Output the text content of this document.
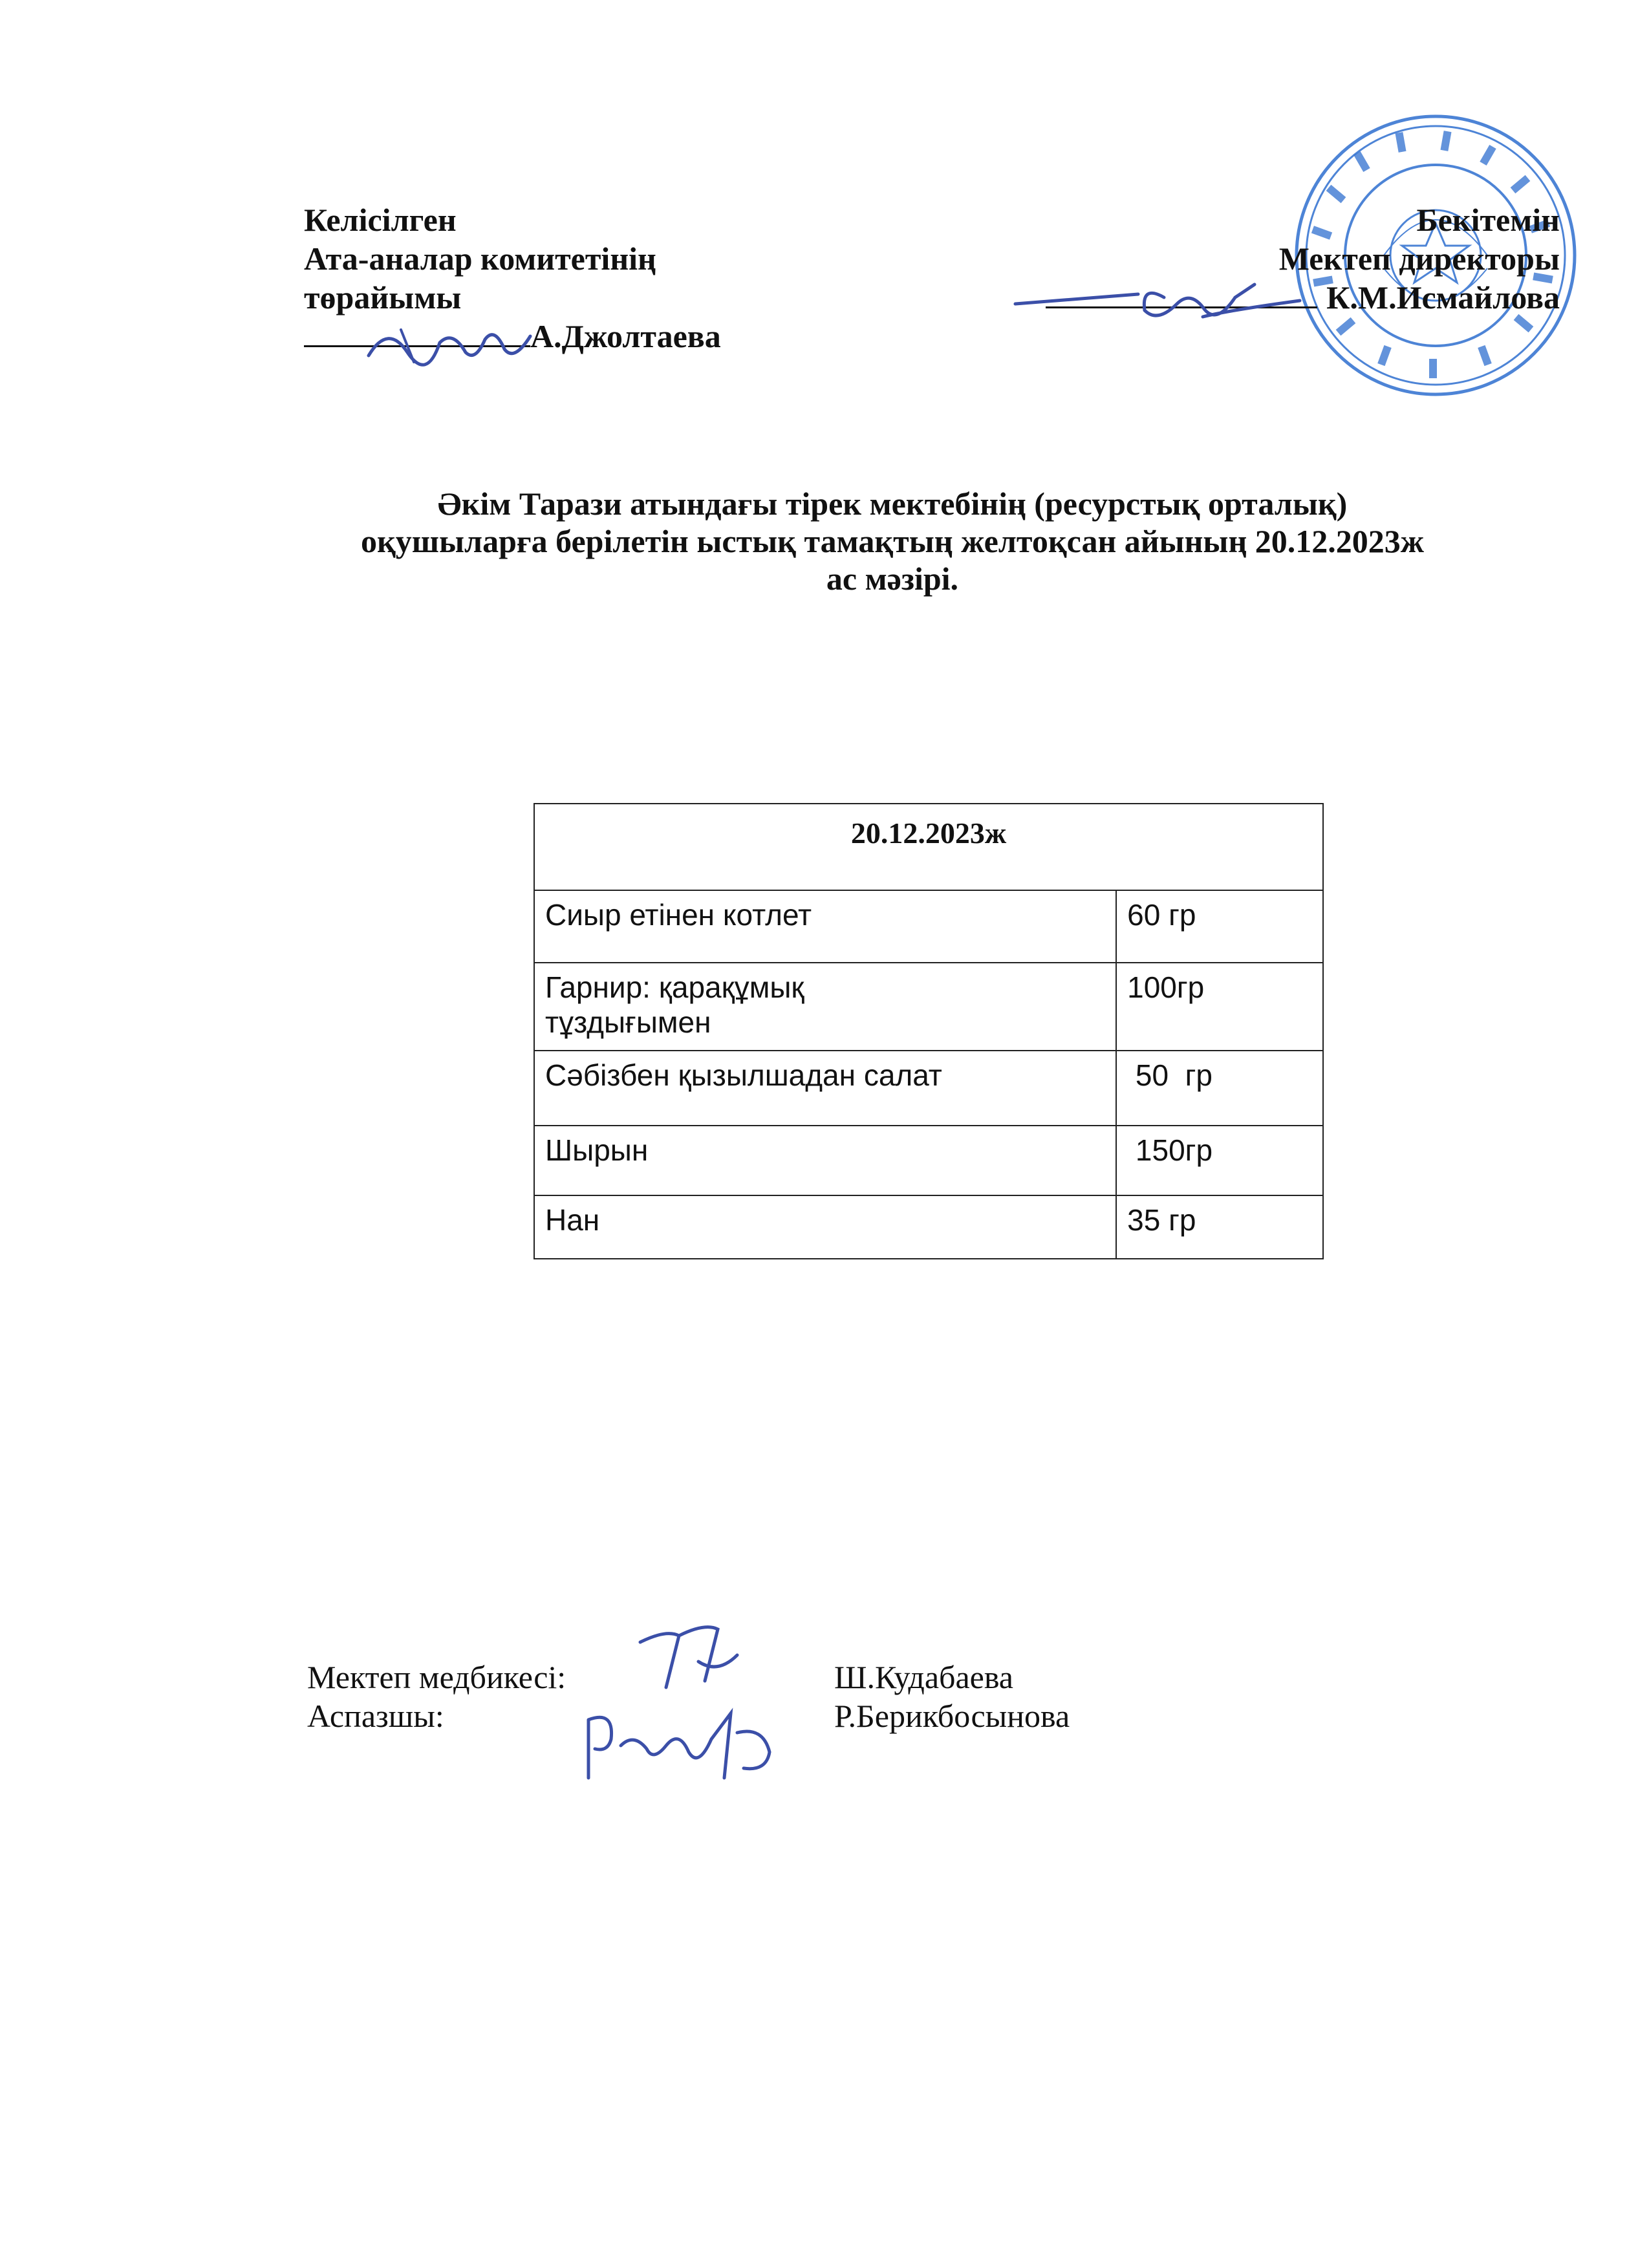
Келісілген
Ата-аналар комитетінің
төрайымы
А.Джолтаева
Бекітемін
Мектеп директоры
К.М.Исмайлова
Әкім Тарази атындағы тірек мектебінің (ресурстық орталық)
оқушыларға берілетін ыстық тамақтың желтоқсан айының 20.12.2023ж
ас мәзірі.
20.12.2023ж	
Сиыр етінен котлет	60 гр
Гарнир: қарақұмық тұздығымен	100гр
Сәбізбен қызылшадан салат	50  гр
Шырын	150гр
Нан	35 гр
Мектеп медбикесі:	Ш.Кудабаева
Аспазшы:	Р.Берикбосынова
